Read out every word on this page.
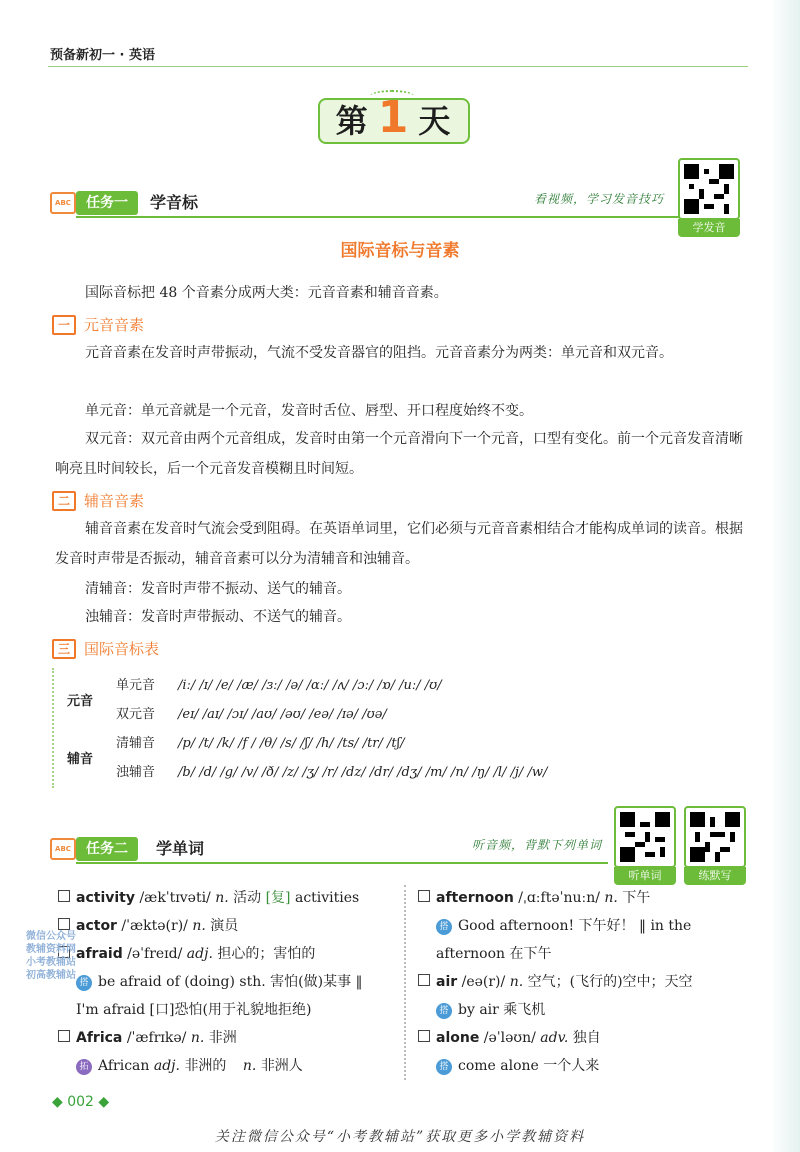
预备新初一 · 英语
第 1 天
ABC	任务一	学音标	看视频，学习发音技巧
学发音
国际音标与音素
国际音标把 48 个音素分成两大类：元音音素和辅音音素。
一 元音音素
元音音素在发音时声带振动，气流不受发音器官的阻挡。元音音素分为两类：单元音和双元音。
单元音：单元音就是一个元音，发音时舌位、唇型、开口程度始终不变。
双元音：双元音由两个元音组成，发音时由第一个元音滑向下一个元音，口型有变化。前一个元音发音清晰响亮且时间较长，后一个元音发音模糊且时间短。
二 辅音音素
辅音音素在发音时气流会受到阻碍。在英语单词里，它们必须与元音音素相结合才能构成单词的读音。根据发音时声带是否振动，辅音音素可以分为清辅音和浊辅音。
清辅音：发音时声带不振动、送气的辅音。
浊辅音：发音时声带振动、不送气的辅音。
三 国际音标表
元音
辅音
单元音 /iː/ /ɪ/ /e/ /æ/ /ɜː/ /ə/ /ɑː/ /ʌ/ /ɔː/ /ɒ/ /uː/ /ʊ/
双元音 /eɪ/ /aɪ/ /ɔɪ/ /aʊ/ /əʊ/ /eə/ /ɪə/ /ʊə/
清辅音 /p/ /t/ /k/ /f / /θ/ /s/ /ʃ/ /h/ /ts/ /tr/ /tʃ/
浊辅音 /b/ /d/ /g/ /v/ /ð/ /z/ /ʒ/ /r/ /dz/ /dr/ /dʒ/ /m/ /n/ /ŋ/ /l/ /j/ /w/
ABC	任务二	学单词	听音频，背默下列单词
听单词	练默写
activity /ækˈtɪvəti/ n. 活动 [复] activities
actor /ˈæktə(r)/ n. 演员
afraid /əˈfreɪd/ adj. 担心的；害怕的
搭 be afraid of (doing) sth. 害怕(做)某事 ‖
I'm afraid [口]恐怕(用于礼貌地拒绝)
Africa /ˈæfrɪkə/ n. 非洲
拓 African adj. 非洲的 n. 非洲人
afternoon /ˌɑːftəˈnuːn/ n. 下午
搭 Good afternoon! 下午好！ ‖ in the
afternoon 在下午
air /eə(r)/ n. 空气；(飞行的)空中；天空
搭 by air 乘飞机
alone /əˈləʊn/ adv. 独自
搭 come alone 一个人来
微信公众号
教辅资料网
小考教辅站
初高教辅站
◆ 002 ◆
关注微信公众号“小考教辅站”获取更多小学教辅资料
